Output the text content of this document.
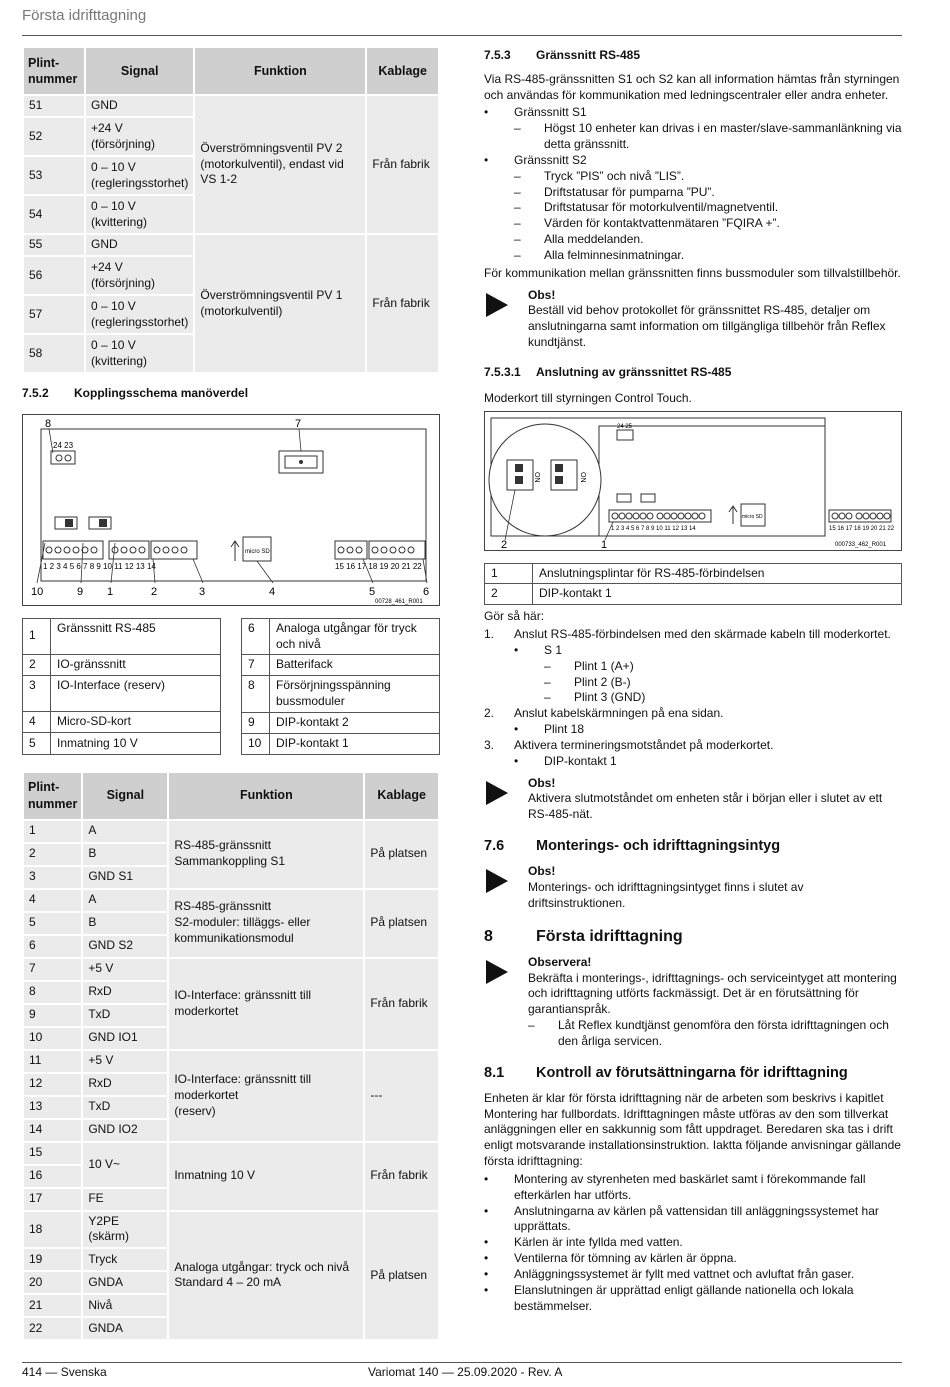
Första idrifttagning
Plint-
nummer	Signal	Funktion	Kablage
51	GND	Överströmningsventil PV 2 (motorkulventil), endast vid VS 1-2	Från fabrik
52	+24 V (försörjning)		
53	0 – 10 V (regleringsstorhet)		
54	0 – 10 V (kvittering)		
55	GND	Överströmningsventil PV 1 (motorkulventil)	Från fabrik
56	+24 V (försörjning)		
57	0 – 10 V (regleringsstorhet)		
58	0 – 10 V (kvittering)		
7.5.2	Kopplingsschema manöverdel
24 23
1 2 3 4 5 6 7 8 9 10 11 12 13 14	15 16 17 18 19 20 21 22
micro SD
8	7
10	9 1	2	3	4	5	6
00728_461_R001
1	Gränssnitt RS-485
2	IO-gränssnitt
3	IO-Interface (reserv)
4	Micro-SD-kort
5	Inmatning 10 V
6	Analoga utgångar för tryck och nivå
7	Batterifack
8	Försörjningsspänning bussmoduler
9	DIP-kontakt 2
10	DIP-kontakt 1
Plint-
nummer	Signal	Funktion	Kablage
1	A	RS-485-gränssnitt
Sammankoppling S1	På platsen
2	B		
3	GND S1		
4	A	RS-485-gränssnitt
S2-moduler: tilläggs- eller kommunikationsmodul	På platsen
5	B		
6	GND S2		
7	+5 V	IO-Interface: gränssnitt till moderkortet	Från fabrik
8	RxD		
9	TxD		
10	GND IO1		
11	+5 V	IO-Interface: gränssnitt till moderkortet
(reserv)	---
12	RxD		
13	TxD		
14	GND IO2		
15	10 V~	Inmatning 10 V	Från fabrik
16			
17	FE		
18	Y2PE (skärm)	Analoga utgångar: tryck och nivå
Standard 4 – 20 mA	På platsen
19	Tryck		
20	GNDA		
21	Nivå		
22	GNDA		
7.5.3	Gränssnitt RS-485

Via RS-485-gränssnitten S1 och S2 kan all information hämtas från styrningen och användas för kommunikation med ledningscentraler eller andra enheter.

•	Gränssnitt S1
–	Högst 10 enheter kan drivas i en master/slave-sammanlänkning via detta gränssnitt.
•	Gränssnitt S2
–	Tryck ”PIS” och nivå ”LIS”.
–	Driftstatusar för pumparna ”PU”.
–	Driftstatusar för motorkulventil/magnetventil.
–	Värden för kontaktvattenmätaren ”FQIRA +”.
–	Alla meddelanden.
–	Alla felminnesinmatningar.

För kommunikation mellan gränssnitten finns bussmoduler som tillvalstillbehör.

Obs!
Beställ vid behov protokollet för gränssnittet RS-485, detaljer om anslutningarna samt information om tillgängliga tillbehör från Reflex kundtjänst.
7.5.3.1	Anslutning av gränssnittet RS-485

Moderkort till styrningen Control Touch.

ON	ON
24 25
1 2 3 4 5 6 7 8 9 10 11 12 13 14	15 16 17 18 19 20 21 22
micro SD
2	1	000733_462_R001
1	Anslutningsplintar för RS-485-förbindelsen
2	DIP-kontakt 1

Gör så här:

1.	Anslut RS-485-förbindelsen med den skärmade kabeln till moderkortet.
•	S 1
–	Plint 1 (A+)
–	Plint 2 (B-)
–	Plint 3 (GND)
2.	Anslut kabelskärmningen på ena sidan.
•	Plint 18
3.	Aktivera termineringsmotståndet på moderkortet.
•	DIP-kontakt 1
Obs!
Aktivera slutmotståndet om enheten står i början eller i slutet av ett RS-485-nät.
7.6	Monterings- och idrifttagningsintyg
Obs!
Monterings- och idrifttagningsintyget finns i slutet av driftsinstruktionen.
8	Första idrifttagning
Observera!
Bekräfta i monterings-, idrifttagnings- och serviceintyget att montering och idrifttagning utförts fackmässigt. Det är en förutsättning för garantianspråk.
–	Låt Reflex kundtjänst genomföra den första idrifttagningen och den årliga servicen.
8.1	Kontroll av förutsättningarna för idrifttagning

Enheten är klar för första idrifttagning när de arbeten som beskrivs i kapitlet Montering har fullbordats. Idrifttagningen måste utföras av den som tillverkat anläggningen eller en sakkunnig som fått uppdraget. Beredaren ska tas i drift enligt motsvarande installationsinstruktion. Iaktta följande anvisningar gällande första idrifttagning:

•	Montering av styrenheten med baskärlet samt i förekommande fall efterkärlen har utförts.
•	Anslutningarna av kärlen på vattensidan till anläggningssystemet har upprättats.
•	Kärlen är inte fyllda med vatten.
•	Ventilerna för tömning av kärlen är öppna.
•	Anläggningssystemet är fyllt med vattnet och avluftat från gaser.
•	Elanslutningen är upprättad enligt gällande nationella och lokala bestämmelser.
414 — Svenska	Variomat 140 — 25.09.2020 - Rev. A
